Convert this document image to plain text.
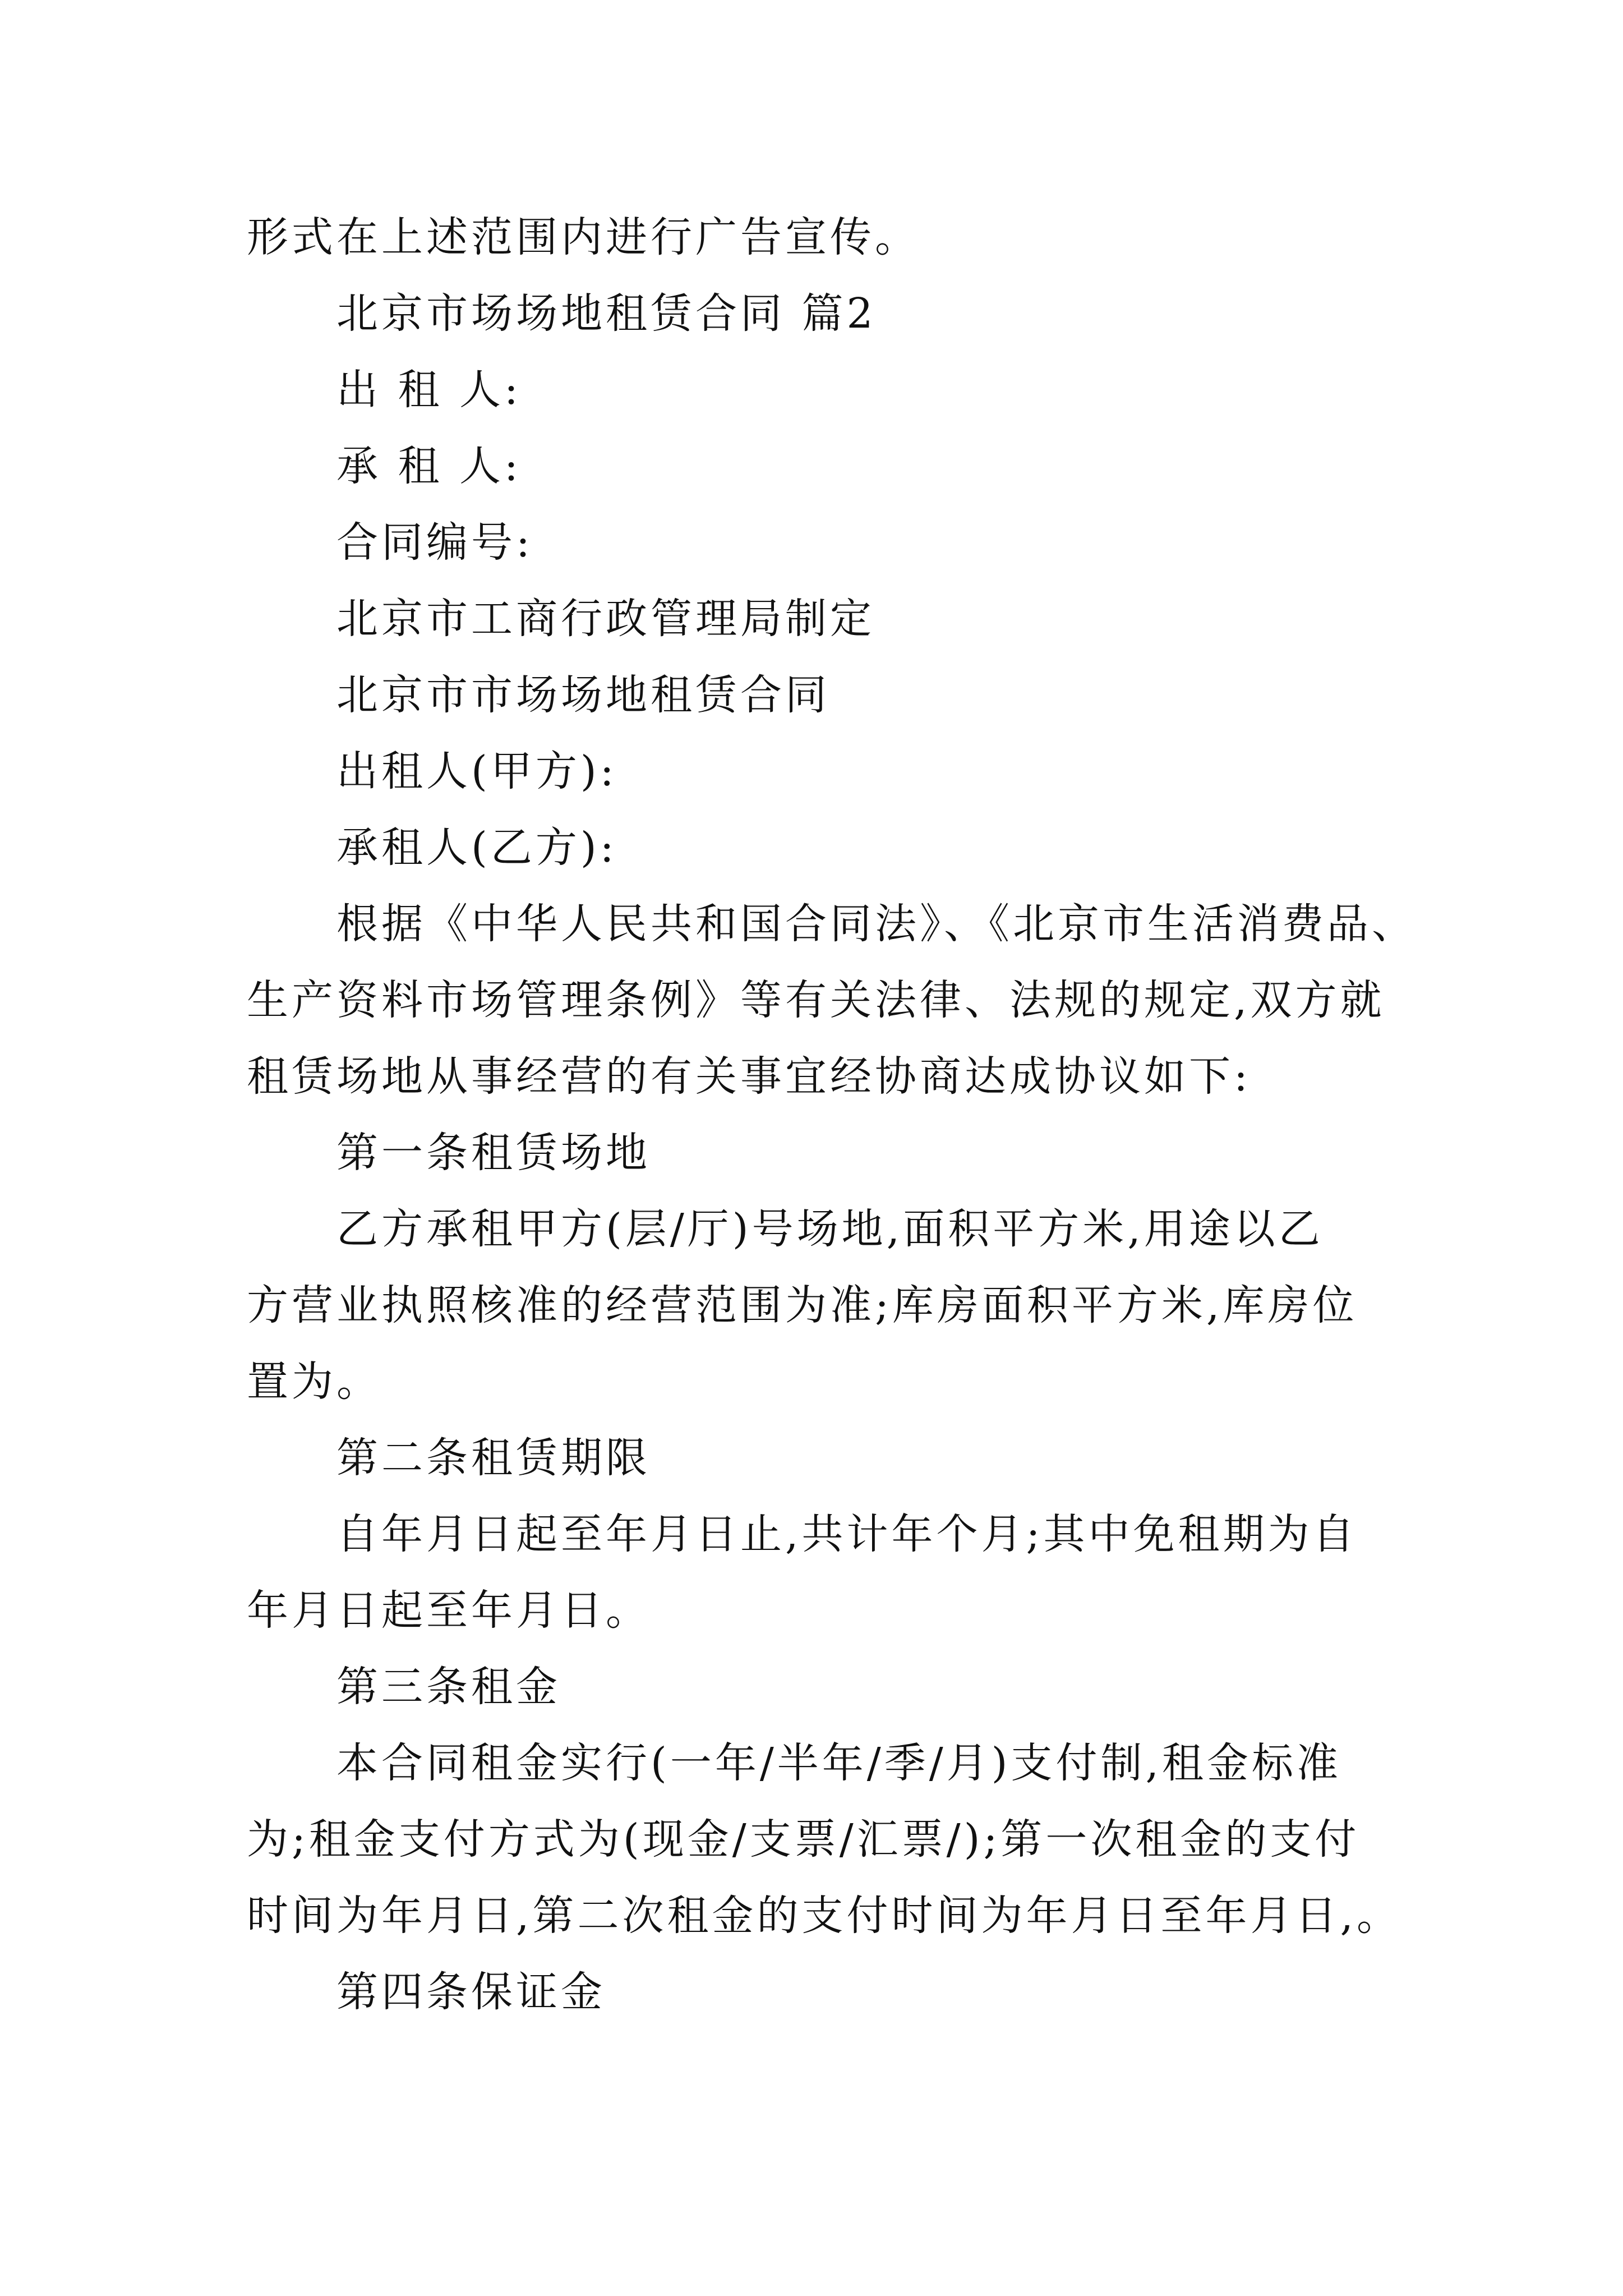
形式在上述范围内进行广告宣传。
北京市场场地租赁合同 篇2
出 租 人:
承 租 人:
合同编号:
北京市工商行政管理局制定
北京市市场场地租赁合同
出租人(甲方):
承租人(乙方):
根据《中华人民共和国合同法》、《北京市生活消费品、
生产资料市场管理条例》等有关法律、法规的规定,双方就
租赁场地从事经营的有关事宜经协商达成协议如下:
第一条租赁场地
乙方承租甲方(层/厅)号场地,面积平方米,用途以乙
方营业执照核准的经营范围为准;库房面积平方米,库房位
置为。
第二条租赁期限
自年月日起至年月日止,共计年个月;其中免租期为自
年月日起至年月日。
第三条租金
本合同租金实行(一年/半年/季/月)支付制,租金标准
为;租金支付方式为(现金/支票/汇票/);第一次租金的支付
时间为年月日,第二次租金的支付时间为年月日至年月日,。
第四条保证金
